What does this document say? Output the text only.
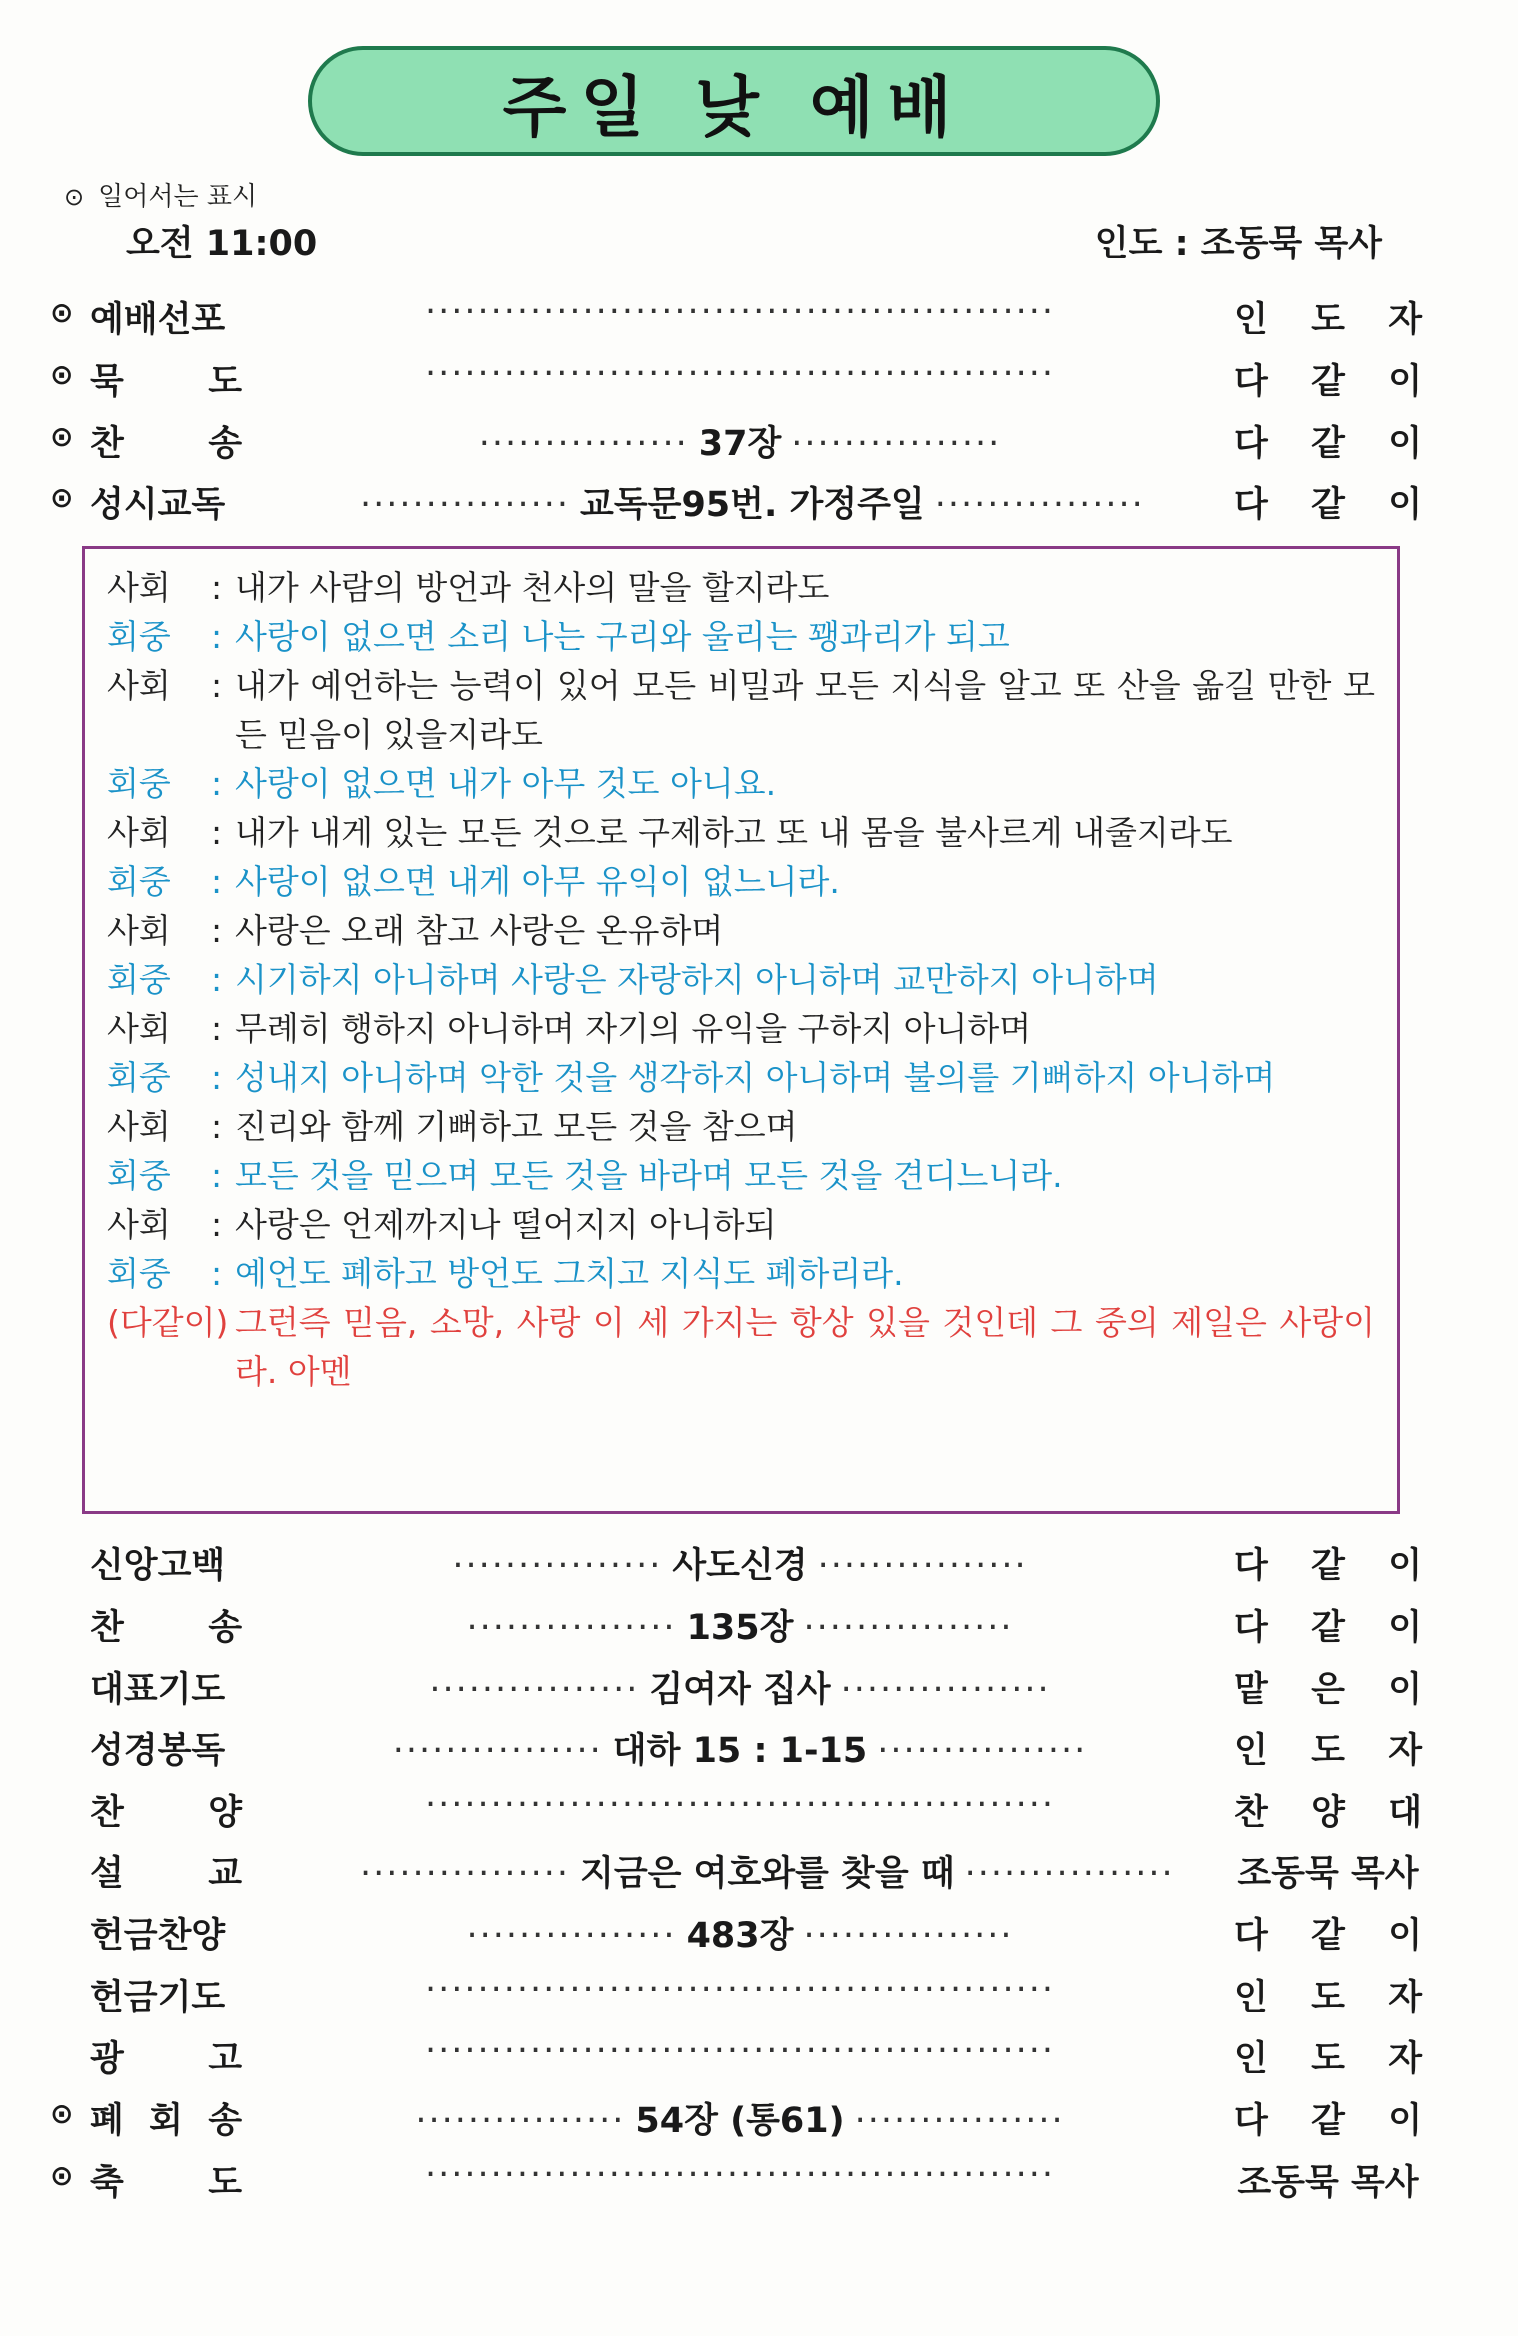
주일 낮 예배
⊙ 일어서는 표시
오전 11:00	인도 : 조동묵 목사
⊙ 예배선포	················································	인 도 자
⊙ 묵 도	················································	다 같 이
⊙ 찬 송	················ 37장 ················	다 같 이
⊙ 성시교독	················ 교독문95번. 가정주일 ················	다 같 이
사회	: 내가 사람의 방언과 천사의 말을 할지라도
회중	: 사랑이 없으면 소리 나는 구리와 울리는 꽹과리가 되고
사회	: 내가 예언하는 능력이 있어 모든 비밀과 모든 지식을 알고 또 산을 옮길 만한 모든 믿음이 있을지라도
회중	: 사랑이 없으면 내가 아무 것도 아니요.
사회	: 내가 내게 있는 모든 것으로 구제하고 또 내 몸을 불사르게 내줄지라도
회중	: 사랑이 없으면 내게 아무 유익이 없느니라.
사회	: 사랑은 오래 참고 사랑은 온유하며
회중	: 시기하지 아니하며 사랑은 자랑하지 아니하며 교만하지 아니하며
사회	: 무례히 행하지 아니하며 자기의 유익을 구하지 아니하며
회중	: 성내지 아니하며 악한 것을 생각하지 아니하며 불의를 기뻐하지 아니하며
사회	: 진리와 함께 기뻐하고 모든 것을 참으며
회중	: 모든 것을 믿으며 모든 것을 바라며 모든 것을 견디느니라.
사회	: 사랑은 언제까지나 떨어지지 아니하되
회중	: 예언도 폐하고 방언도 그치고 지식도 폐하리라.
(다같이) 그런즉 믿음, 소망, 사랑 이 세 가지는 항상 있을 것인데 그 중의 제일은 사랑이라. 아멘
신앙고백	················ 사도신경 ················	다 같 이
찬 송	················ 135장 ················	다 같 이
대표기도	················ 김여자 집사 ················	맡 은 이
성경봉독	················ 대하 15 : 1-15 ················	인 도 자
찬 양	················································	찬 양 대
설 교	················ 지금은 여호와를 찾을 때 ················ 조동묵 목사
헌금찬양	················ 483장 ················	다 같 이
헌금기도	················································	인 도 자
광 고	················································	인 도 자
⊙ 폐 회 송	················ 54장 (통61) ················	다 같 이
⊙ 축 도	················································	조동묵 목사
